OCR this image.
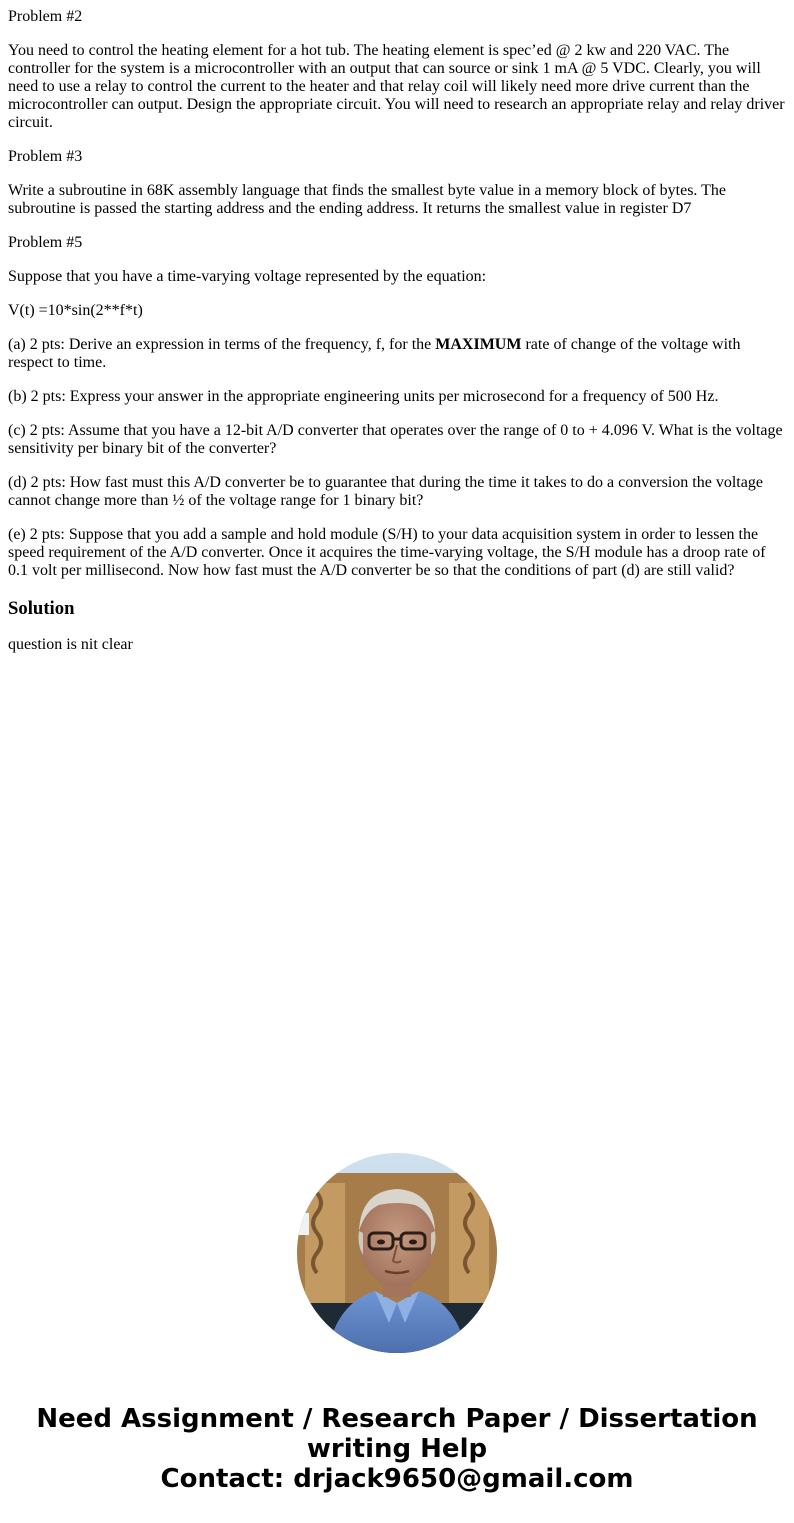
Problem #2

You need to control the heating element for a hot tub. The heating element is spec’ed @ 2 kw and 220 VAC. The controller for the system is a microcontroller with an output that can source or sink 1 mA @ 5 VDC. Clearly, you will need to use a relay to control the current to the heater and that relay coil will likely need more drive current than the microcontroller can output. Design the appropriate circuit. You will need to research an appropriate relay and relay driver circuit.

Problem #3

Write a subroutine in 68K assembly language that finds the smallest byte value in a memory block of bytes. The subroutine is passed the starting address and the ending address. It returns the smallest value in register D7

Problem #5

Suppose that you have a time-varying voltage represented by the equation:

V(t) =10*sin(2**f*t)

(a) 2 pts: Derive an expression in terms of the frequency, f, for the MAXIMUM rate of change of the voltage with respect to time.

(b) 2 pts: Express your answer in the appropriate engineering units per microsecond for a frequency of 500 Hz.

(c) 2 pts: Assume that you have a 12-bit A/D converter that operates over the range of 0 to + 4.096 V. What is the voltage sensitivity per binary bit of the converter?

(d) 2 pts: How fast must this A/D converter be to guarantee that during the time it takes to do a conversion the voltage cannot change more than ½ of the voltage range for 1 binary bit?

(e) 2 pts: Suppose that you add a sample and hold module (S/H) to your data acquisition system in order to lessen the speed requirement of the A/D converter. Once it acquires the time-varying voltage, the S/H module has a droop rate of 0.1 volt per millisecond. Now how fast must the A/D converter be so that the conditions of part (d) are still valid?

Solution

question is nit clear

Need Assignment / Research Paper / Dissertation
writing Help
Contact: drjack9650@gmail.com
